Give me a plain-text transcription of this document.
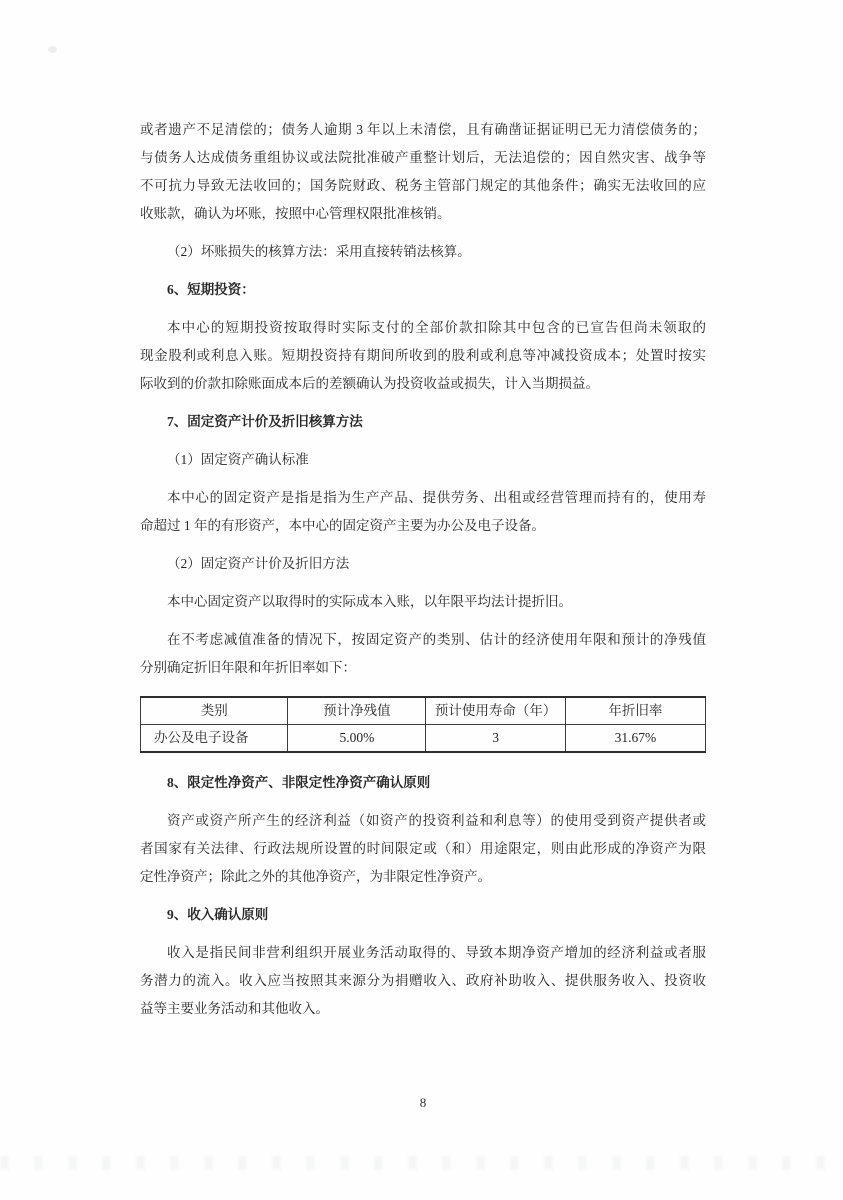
或者遗产不足清偿的；债务人逾期 3 年以上未清偿，且有确凿证据证明已无力清偿债务的；
与债务人达成债务重组协议或法院批准破产重整计划后，无法追偿的；因自然灾害、战争等
不可抗力导致无法收回的；国务院财政、税务主管部门规定的其他条件；确实无法收回的应
收账款，确认为坏账，按照中心管理权限批准核销。
（2）坏账损失的核算方法：采用直接转销法核算。
6、短期投资：
本中心的短期投资按取得时实际支付的全部价款扣除其中包含的已宣告但尚未领取的
现金股利或利息入账。短期投资持有期间所收到的股利或利息等冲减投资成本；处置时按实
际收到的价款扣除账面成本后的差额确认为投资收益或损失，计入当期损益。
7、固定资产计价及折旧核算方法
（1）固定资产确认标准
本中心的固定资产是指是指为生产产品、提供劳务、出租或经营管理而持有的，使用寿
命超过 1 年的有形资产，本中心的固定资产主要为办公及电子设备。
（2）固定资产计价及折旧方法
本中心固定资产以取得时的实际成本入账，以年限平均法计提折旧。
在不考虑减值准备的情况下，按固定资产的类别、估计的经济使用年限和预计的净残值
分别确定折旧年限和年折旧率如下：
类别	预计净残值	预计使用寿命（年）	年折旧率
办公及电子设备	5.00%	3	31.67%
8、限定性净资产、非限定性净资产确认原则
资产或资产所产生的经济利益（如资产的投资利益和利息等）的使用受到资产提供者或
者国家有关法律、行政法规所设置的时间限定或（和）用途限定，则由此形成的净资产为限
定性净资产；除此之外的其他净资产，为非限定性净资产。
9、收入确认原则
收入是指民间非营利组织开展业务活动取得的、导致本期净资产增加的经济利益或者服
务潜力的流入。收入应当按照其来源分为捐赠收入、政府补助收入、提供服务收入、投资收
益等主要业务活动和其他收入。
8
